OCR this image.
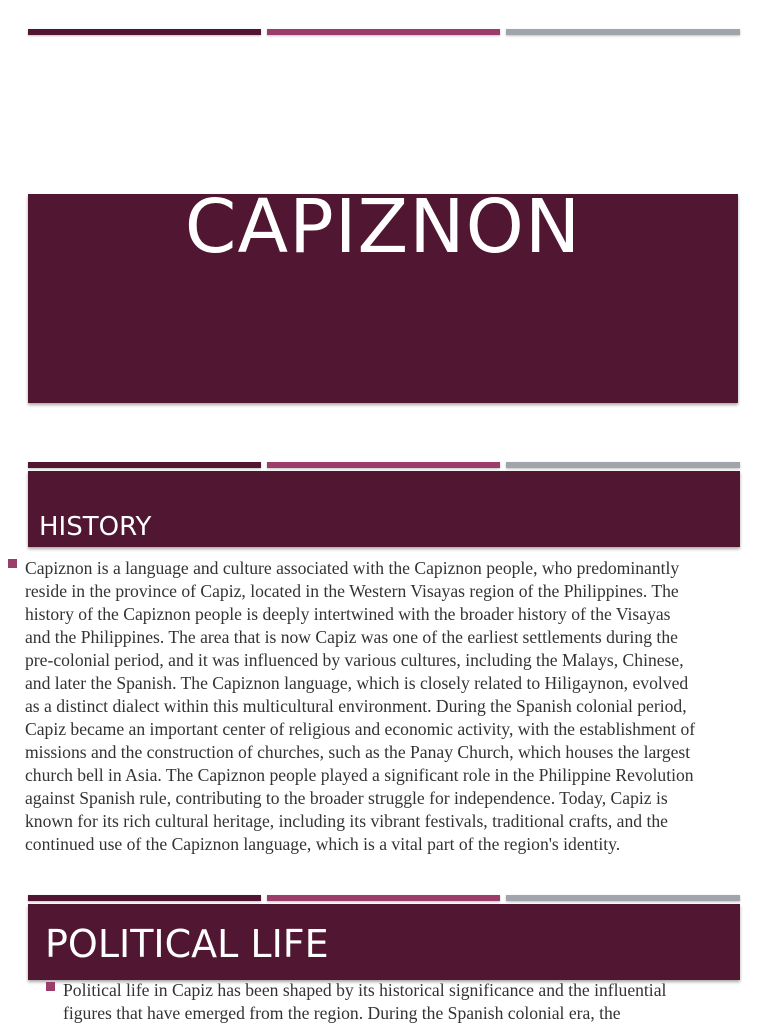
CAPIZNON
HISTORY

Capiznon is a language and culture associated with the Capiznon people, who predominantly
reside in the province of Capiz, located in the Western Visayas region of the Philippines. The
history of the Capiznon people is deeply intertwined with the broader history of the Visayas
and the Philippines. The area that is now Capiz was one of the earliest settlements during the
pre-colonial period, and it was influenced by various cultures, including the Malays, Chinese,
and later the Spanish. The Capiznon language, which is closely related to Hiligaynon, evolved
as a distinct dialect within this multicultural environment. During the Spanish colonial period,
Capiz became an important center of religious and economic activity, with the establishment of
missions and the construction of churches, such as the Panay Church, which houses the largest
church bell in Asia. The Capiznon people played a significant role in the Philippine Revolution
against Spanish rule, contributing to the broader struggle for independence. Today, Capiz is
known for its rich cultural heritage, including its vibrant festivals, traditional crafts, and the
continued use of the Capiznon language, which is a vital part of the region's identity.

POLITICAL LIFE

Political life in Capiz has been shaped by its historical significance and the influential
figures that have emerged from the region. During the Spanish colonial era, the
